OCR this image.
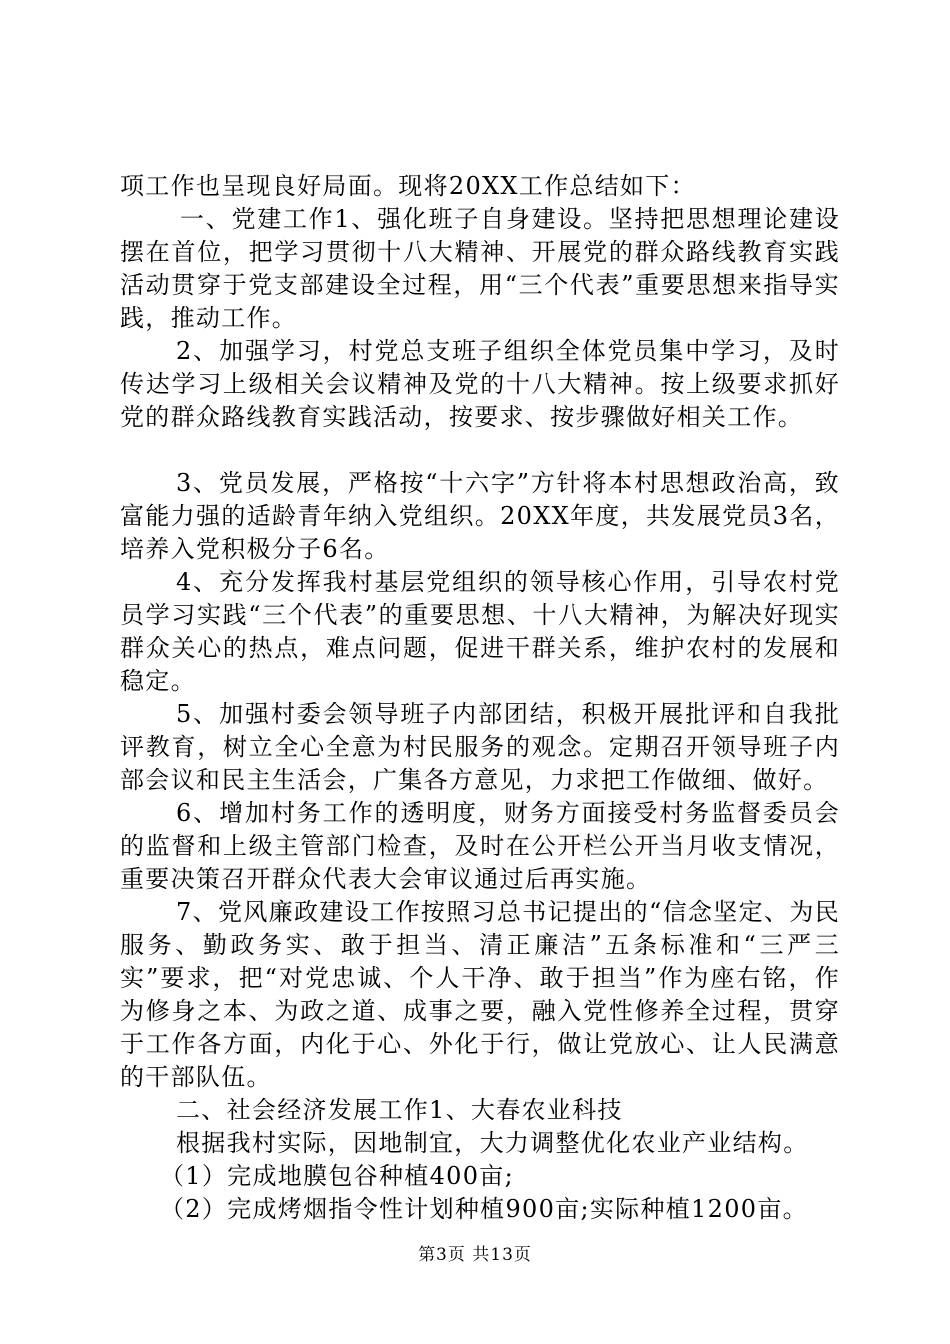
项工作也呈现良好局面。现将20XX工作总结如下：

一、党建工作1、强化班子自身建设。坚持把思想理论建设摆在首位，把学习贯彻十八大精神、开展党的群众路线教育实践活动贯穿于党支部建设全过程，用“三个代表”重要思想来指导实践，推动工作。

2、加强学习，村党总支班子组织全体党员集中学习，及时传达学习上级相关会议精神及党的十八大精神。按上级要求抓好党的群众路线教育实践活动，按要求、按步骤做好相关工作。

3、党员发展，严格按“十六字”方针将本村思想政治高，致富能力强的适龄青年纳入党组织。20XX年度，共发展党员3名，培养入党积极分子6名。

4、充分发挥我村基层党组织的领导核心作用，引导农村党员学习实践“三个代表”的重要思想、十八大精神，为解决好现实群众关心的热点，难点问题，促进干群关系，维护农村的发展和稳定。

5、加强村委会领导班子内部团结，积极开展批评和自我批评教育，树立全心全意为村民服务的观念。定期召开领导班子内部会议和民主生活会，广集各方意见，力求把工作做细、做好。

6、增加村务工作的透明度，财务方面接受村务监督委员会的监督和上级主管部门检查，及时在公开栏公开当月收支情况，重要决策召开群众代表大会审议通过后再实施。

7、党风廉政建设工作按照习总书记提出的“信念坚定、为民服务、勤政务实、敢于担当、清正廉洁”五条标准和“三严三实”要求，把“对党忠诚、个人干净、敢于担当”作为座右铭，作为修身之本、为政之道、成事之要，融入党性修养全过程，贯穿于工作各方面，内化于心、外化于行，做让党放心、让人民满意的干部队伍。

二、社会经济发展工作1、大春农业科技

根据我村实际，因地制宜，大力调整优化农业产业结构。

（1）完成地膜包谷种植400亩;

（2）完成烤烟指令性计划种植900亩;实际种植1200亩。

第3页 共13页
